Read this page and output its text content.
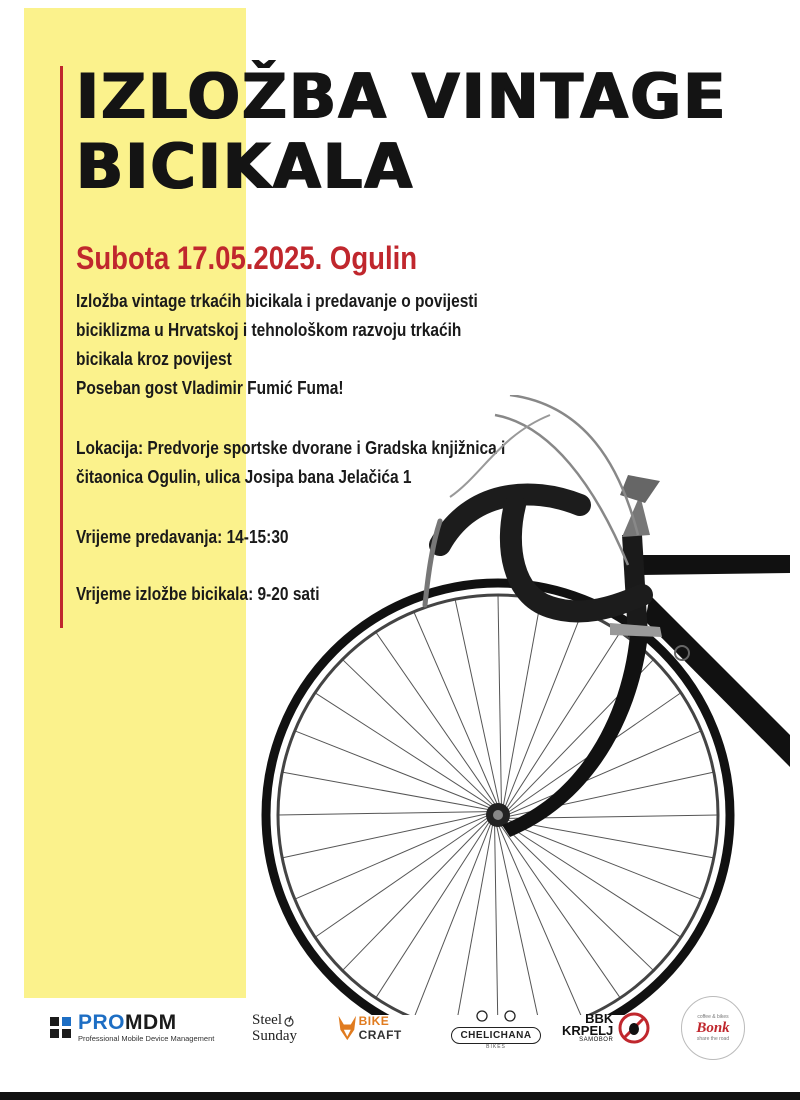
IZLOŽBA VINTAGE
BICIKALA

Subota 17.05.2025. Ogulin

Izložba vintage trkaćih bicikala i predavanje o povijesti
biciklizma u Hrvatskoj i tehnološkom razvoju trkaćih
bicikala kroz povijest
Poseban gost Vladimir Fumić Fuma!

Lokacija: Predvorje sportske dvorane i Gradska knjižnica i
čitaonica Ogulin, ulica Josipa bana Jelačića 1

Vrijeme predavanja: 14-15:30

Vrijeme izložbe bicikala: 9-20 sati

PROMDM
Professional Mobile Device Management
Steel
Sunday
BIKE CRAFT	CHELICHANA
BIKES
BBK
KRPELJ
SAMOBOR
coffee & bikes
Bonk
share the road
